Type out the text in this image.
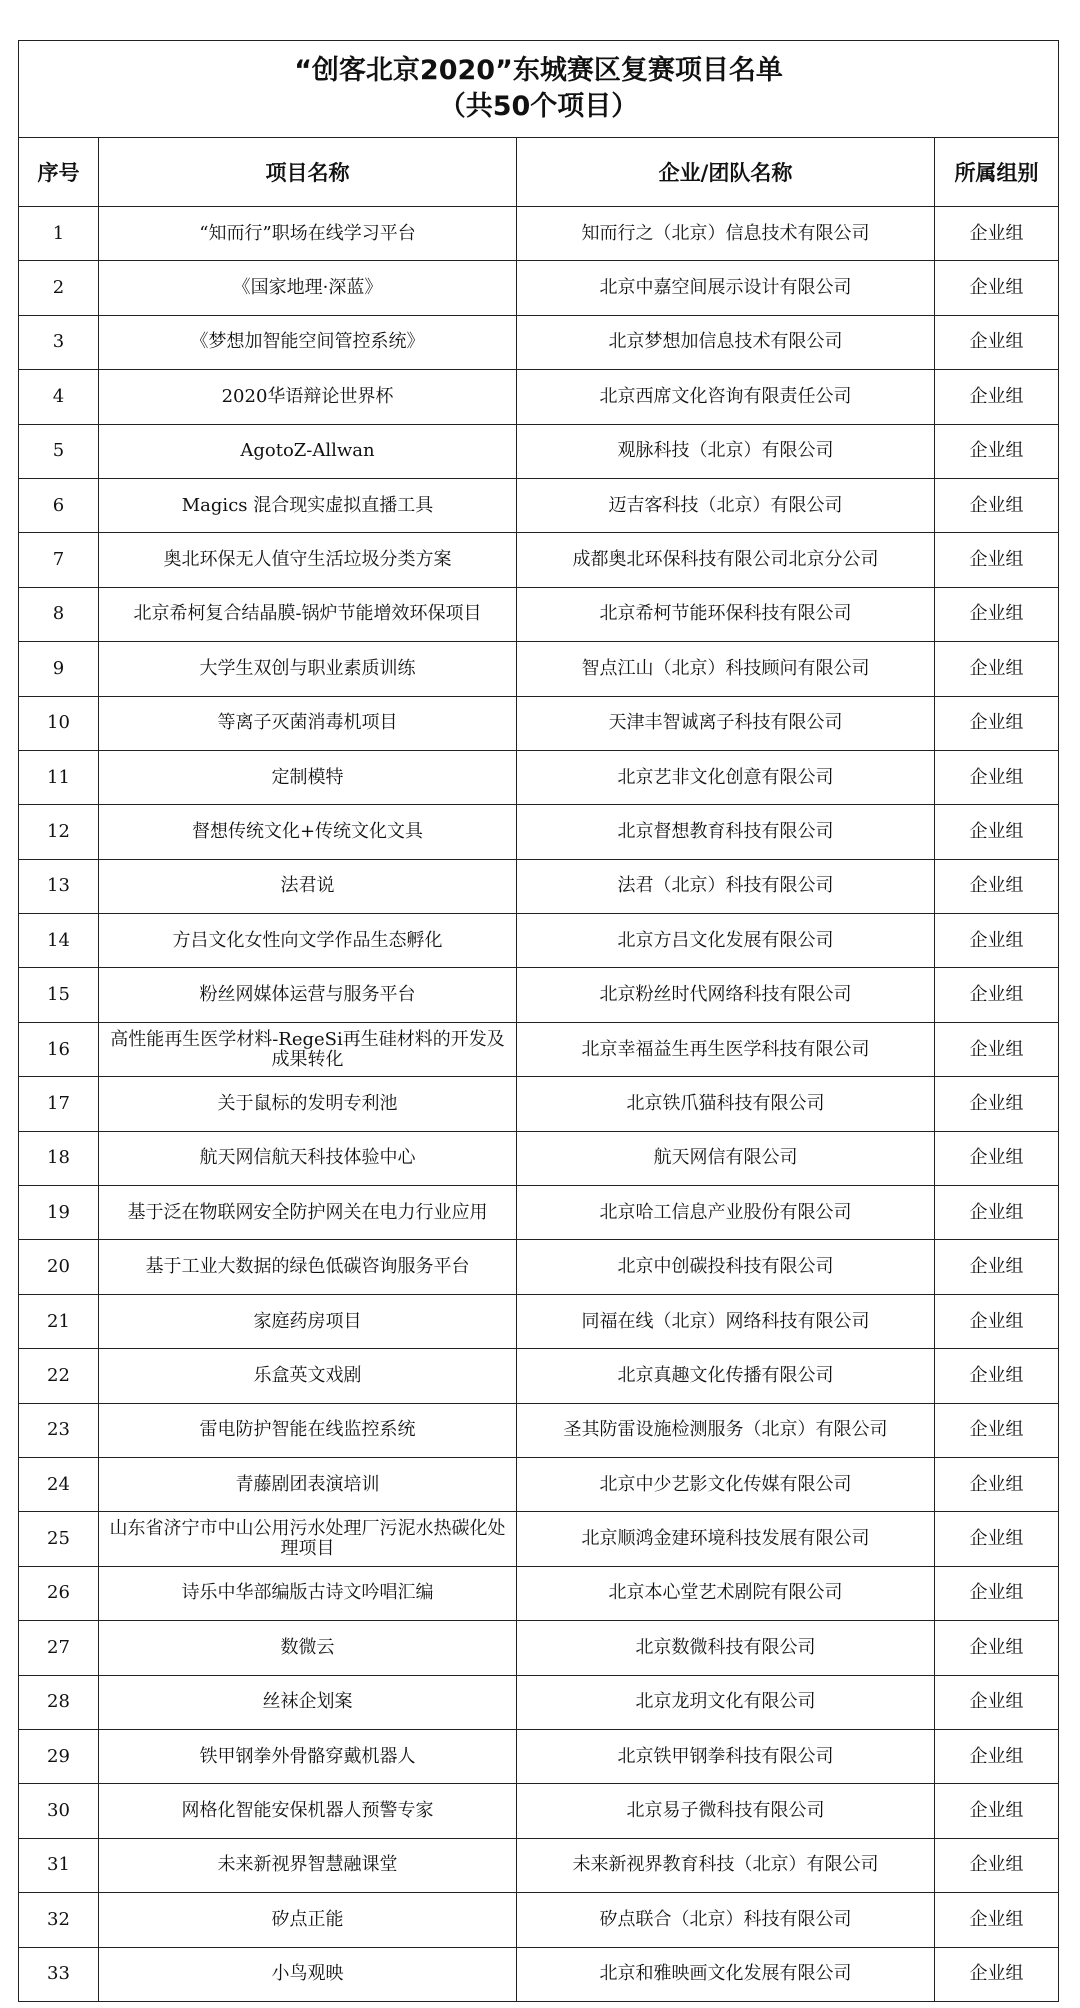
“创客北京2020”东城赛区复赛项目名单
（共50个项目）			

序号	项目名称	企业/团队名称	所属组别
1	“知而行”职场在线学习平台	知而行之（北京）信息技术有限公司	企业组
2	《国家地理·深蓝》	北京中嘉空间展示设计有限公司	企业组
3	《梦想加智能空间管控系统》	北京梦想加信息技术有限公司	企业组
4	2020华语辩论世界杯	北京西席文化咨询有限责任公司	企业组
5	AgotoZ-Allwan	观脉科技（北京）有限公司	企业组
6	Magics 混合现实虚拟直播工具	迈吉客科技（北京）有限公司	企业组
7	奥北环保无人值守生活垃圾分类方案	成都奥北环保科技有限公司北京分公司	企业组
8	北京希柯复合结晶膜-锅炉节能增效环保项目	北京希柯节能环保科技有限公司	企业组
9	大学生双创与职业素质训练	智点江山（北京）科技顾问有限公司	企业组
10	等离子灭菌消毒机项目	天津丰智诚离子科技有限公司	企业组
11	定制模特	北京艺非文化创意有限公司	企业组
12	督想传统文化+传统文化文具	北京督想教育科技有限公司	企业组
13	法君说	法君（北京）科技有限公司	企业组
14	方吕文化女性向文学作品生态孵化	北京方吕文化发展有限公司	企业组
15	粉丝网媒体运营与服务平台	北京粉丝时代网络科技有限公司	企业组
16	高性能再生医学材料-RegeSi再生硅材料的开发及成果转化	北京幸福益生再生医学科技有限公司	企业组
17	关于鼠标的发明专利池	北京铁爪猫科技有限公司	企业组
18	航天网信航天科技体验中心	航天网信有限公司	企业组
19	基于泛在物联网安全防护网关在电力行业应用	北京哈工信息产业股份有限公司	企业组
20	基于工业大数据的绿色低碳咨询服务平台	北京中创碳投科技有限公司	企业组
21	家庭药房项目	同福在线（北京）网络科技有限公司	企业组
22	乐盒英文戏剧	北京真趣文化传播有限公司	企业组
23	雷电防护智能在线监控系统	圣其防雷设施检测服务（北京）有限公司	企业组
24	青藤剧团表演培训	北京中少艺影文化传媒有限公司	企业组
25	山东省济宁市中山公用污水处理厂污泥水热碳化处理项目	北京顺鸿金建环境科技发展有限公司	企业组
26	诗乐中华部编版古诗文吟唱汇编	北京本心堂艺术剧院有限公司	企业组
27	数微云	北京数微科技有限公司	企业组
28	丝袜企划案	北京龙玥文化有限公司	企业组
29	铁甲钢拳外骨骼穿戴机器人	北京铁甲钢拳科技有限公司	企业组
30	网格化智能安保机器人预警专家	北京易子微科技有限公司	企业组
31	未来新视界智慧融课堂	未来新视界教育科技（北京）有限公司	企业组
32	矽点正能	矽点联合（北京）科技有限公司	企业组
33	小鸟观映	北京和雅映画文化发展有限公司	企业组
